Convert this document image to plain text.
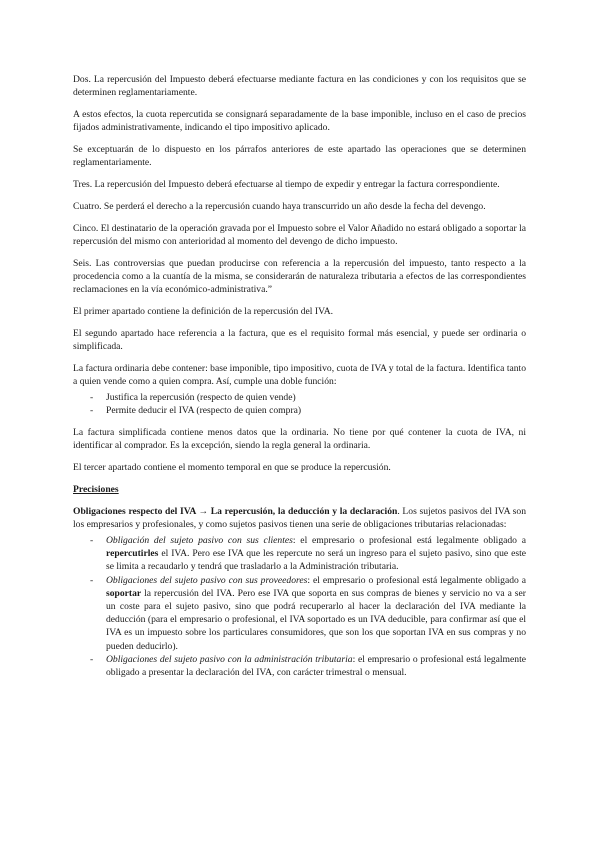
Dos. La repercusión del Impuesto deberá efectuarse mediante factura en las condiciones y con los requisitos que se determinen reglamentariamente.

A estos efectos, la cuota repercutida se consignará separadamente de la base imponible, incluso en el caso de precios fijados administrativamente, indicando el tipo impositivo aplicado.

Se exceptuarán de lo dispuesto en los párrafos anteriores de este apartado las operaciones que se determinen reglamentariamente.

Tres. La repercusión del Impuesto deberá efectuarse al tiempo de expedir y entregar la factura correspondiente.

Cuatro. Se perderá el derecho a la repercusión cuando haya transcurrido un año desde la fecha del devengo.

Cinco. El destinatario de la operación gravada por el Impuesto sobre el Valor Añadido no estará obligado a soportar la repercusión del mismo con anterioridad al momento del devengo de dicho impuesto.

Seis. Las controversias que puedan producirse con referencia a la repercusión del impuesto, tanto respecto a la procedencia como a la cuantía de la misma, se considerarán de naturaleza tributaria a efectos de las correspondientes reclamaciones en la vía económico-administrativa.”

El primer apartado contiene la definición de la repercusión del IVA.

El segundo apartado hace referencia a la factura, que es el requisito formal más esencial, y puede ser ordinaria o simplificada.

La factura ordinaria debe contener: base imponible, tipo impositivo, cuota de IVA y total de la factura. Identifica tanto a quien vende como a quien compra. Así, cumple una doble función:

- Justifica la repercusión (respecto de quien vende)
- Permite deducir el IVA (respecto de quien compra)

La factura simplificada contiene menos datos que la ordinaria. No tiene por qué contener la cuota de IVA, ni identificar al comprador. Es la excepción, siendo la regla general la ordinaria.

El tercer apartado contiene el momento temporal en que se produce la repercusión.

Precisiones

Obligaciones respecto del IVA → La repercusión, la deducción y la declaración. Los sujetos pasivos del IVA son los empresarios y profesionales, y como sujetos pasivos tienen una serie de obligaciones tributarias relacionadas:

- Obligación del sujeto pasivo con sus clientes: el empresario o profesional está legalmente obligado a repercutirles el IVA. Pero ese IVA que les repercute no será un ingreso para el sujeto pasivo, sino que este se limita a recaudarlo y tendrá que trasladarlo a la Administración tributaria.
- Obligaciones del sujeto pasivo con sus proveedores: el empresario o profesional está legalmente obligado a soportar la repercusión del IVA. Pero ese IVA que soporta en sus compras de bienes y servicio no va a ser un coste para el sujeto pasivo, sino que podrá recuperarlo al hacer la declaración del IVA mediante la deducción (para el empresario o profesional, el IVA soportado es un IVA deducible, para confirmar así que el IVA es un impuesto sobre los particulares consumidores, que son los que soportan IVA en sus compras y no pueden deducirlo).
- Obligaciones del sujeto pasivo con la administración tributaria: el empresario o profesional está legalmente obligado a presentar la declaración del IVA, con carácter trimestral o mensual.
